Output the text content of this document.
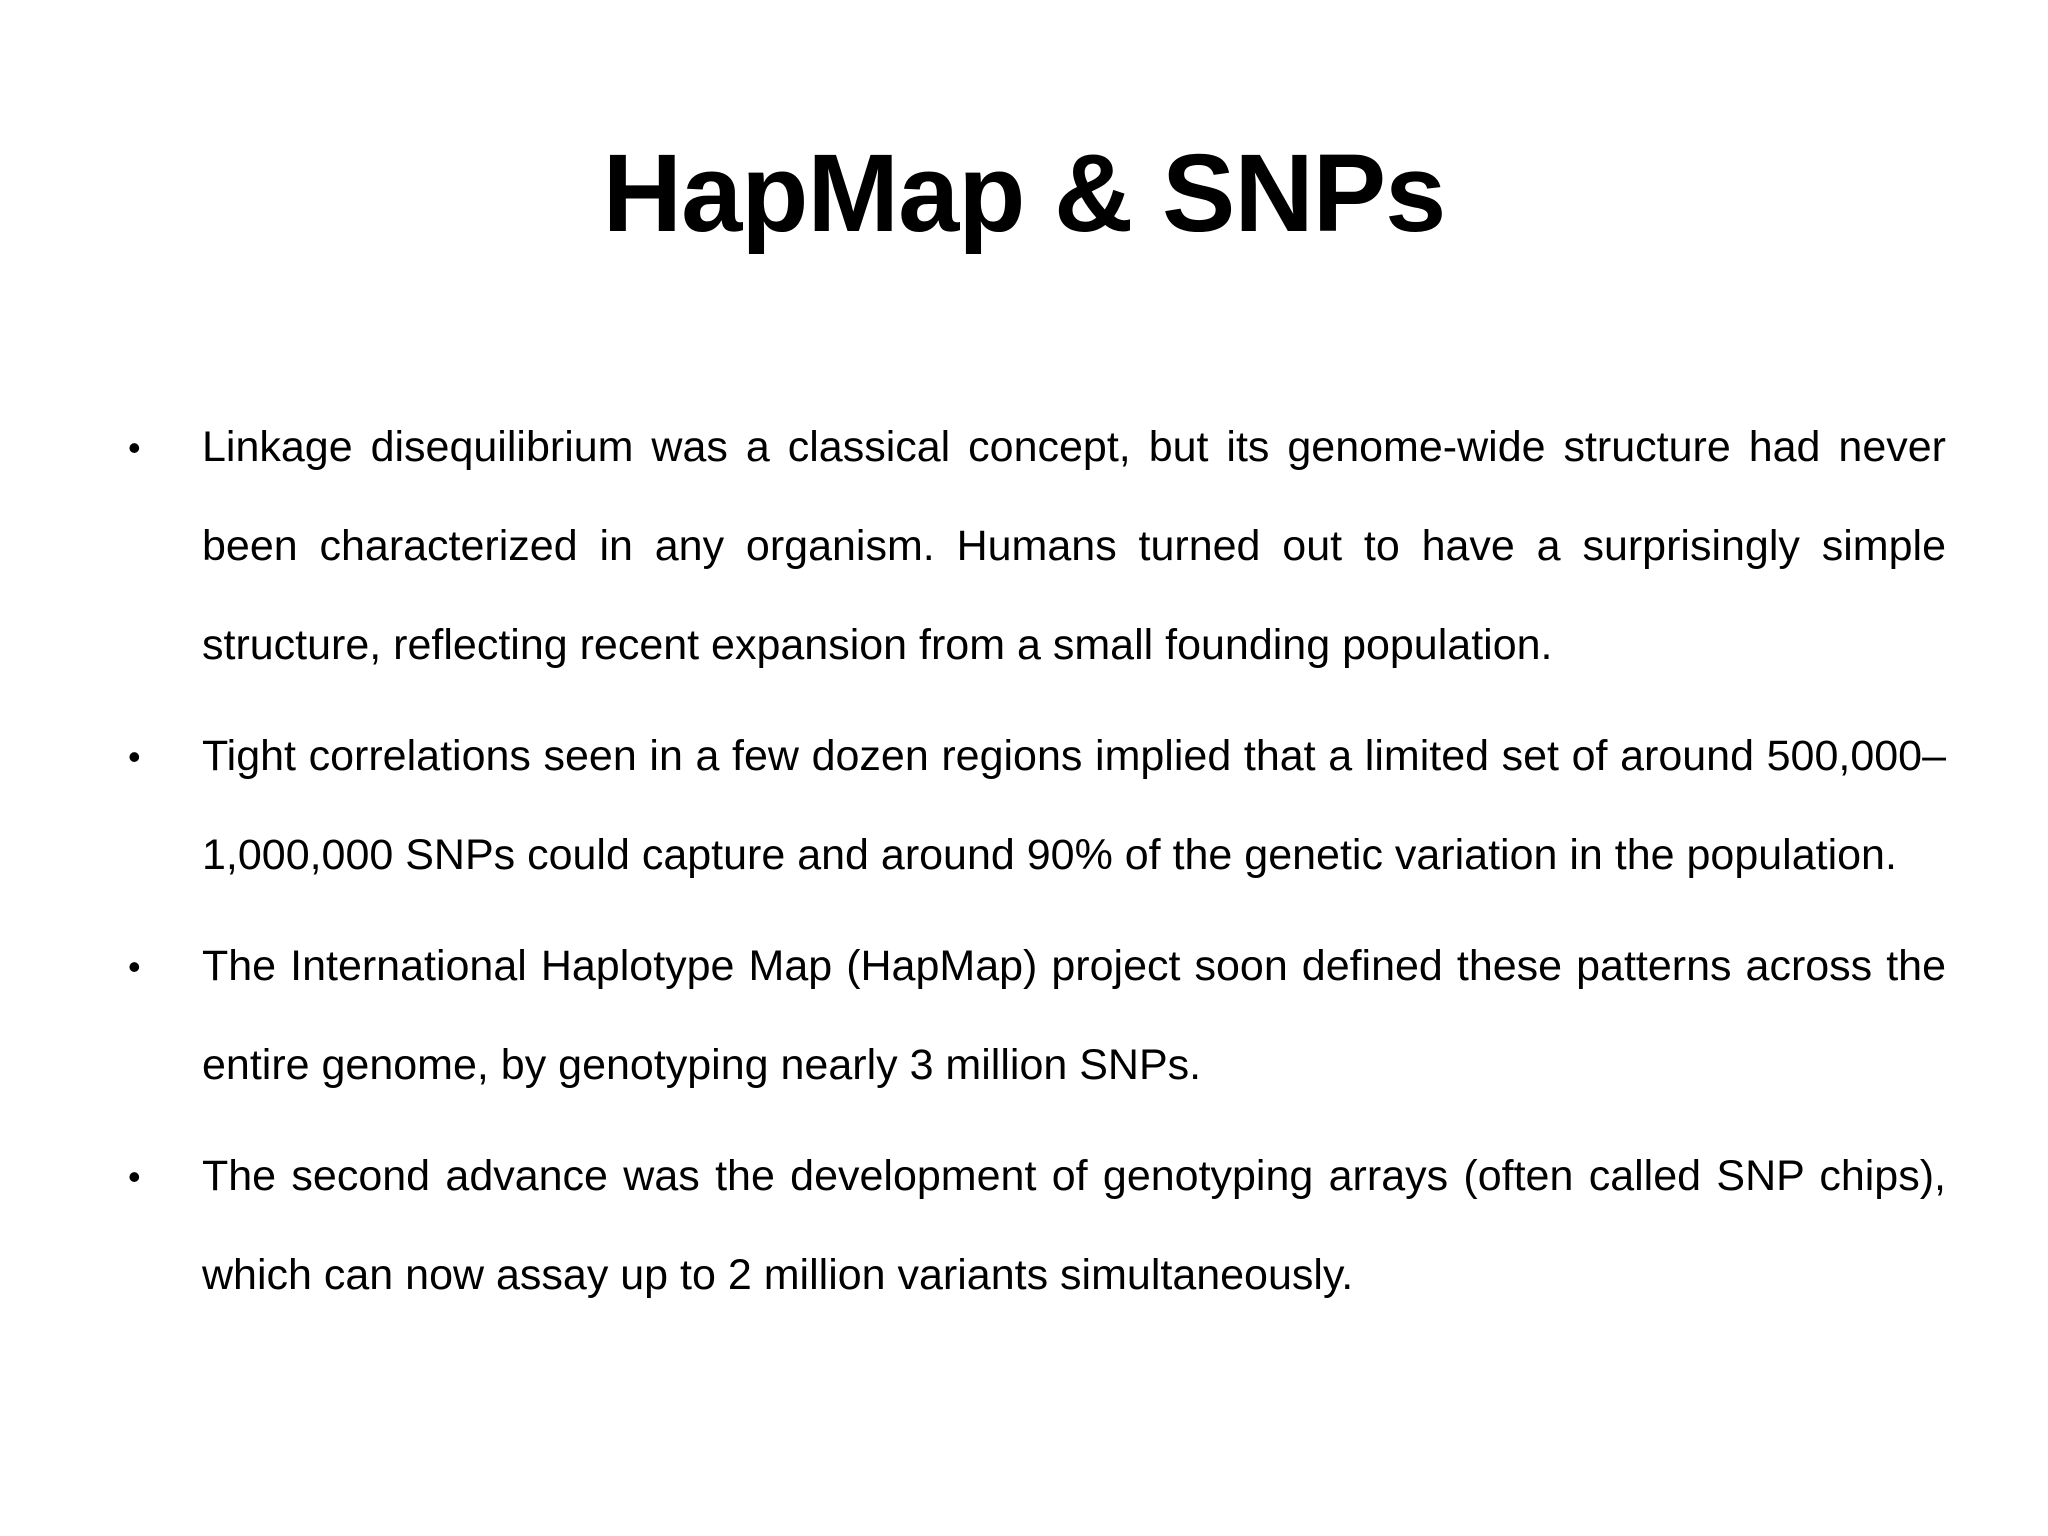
HapMap & SNPs
• Linkage disequilibrium was a classical concept, but its genome-wide structure had never been characterized in any organism. Humans turned out to have a surprisingly simple structure, reflecting recent expansion from a small founding population.
• Tight correlations seen in a few dozen regions implied that a limited set of around 500,000–1,000,000 SNPs could capture and around 90% of the genetic variation in the population.
• The International Haplotype Map (HapMap) project soon defined these patterns across the entire genome, by genotyping nearly 3 million SNPs.
• The second advance was the development of genotyping arrays (often called SNP chips), which can now assay up to 2 million variants simultaneously.
